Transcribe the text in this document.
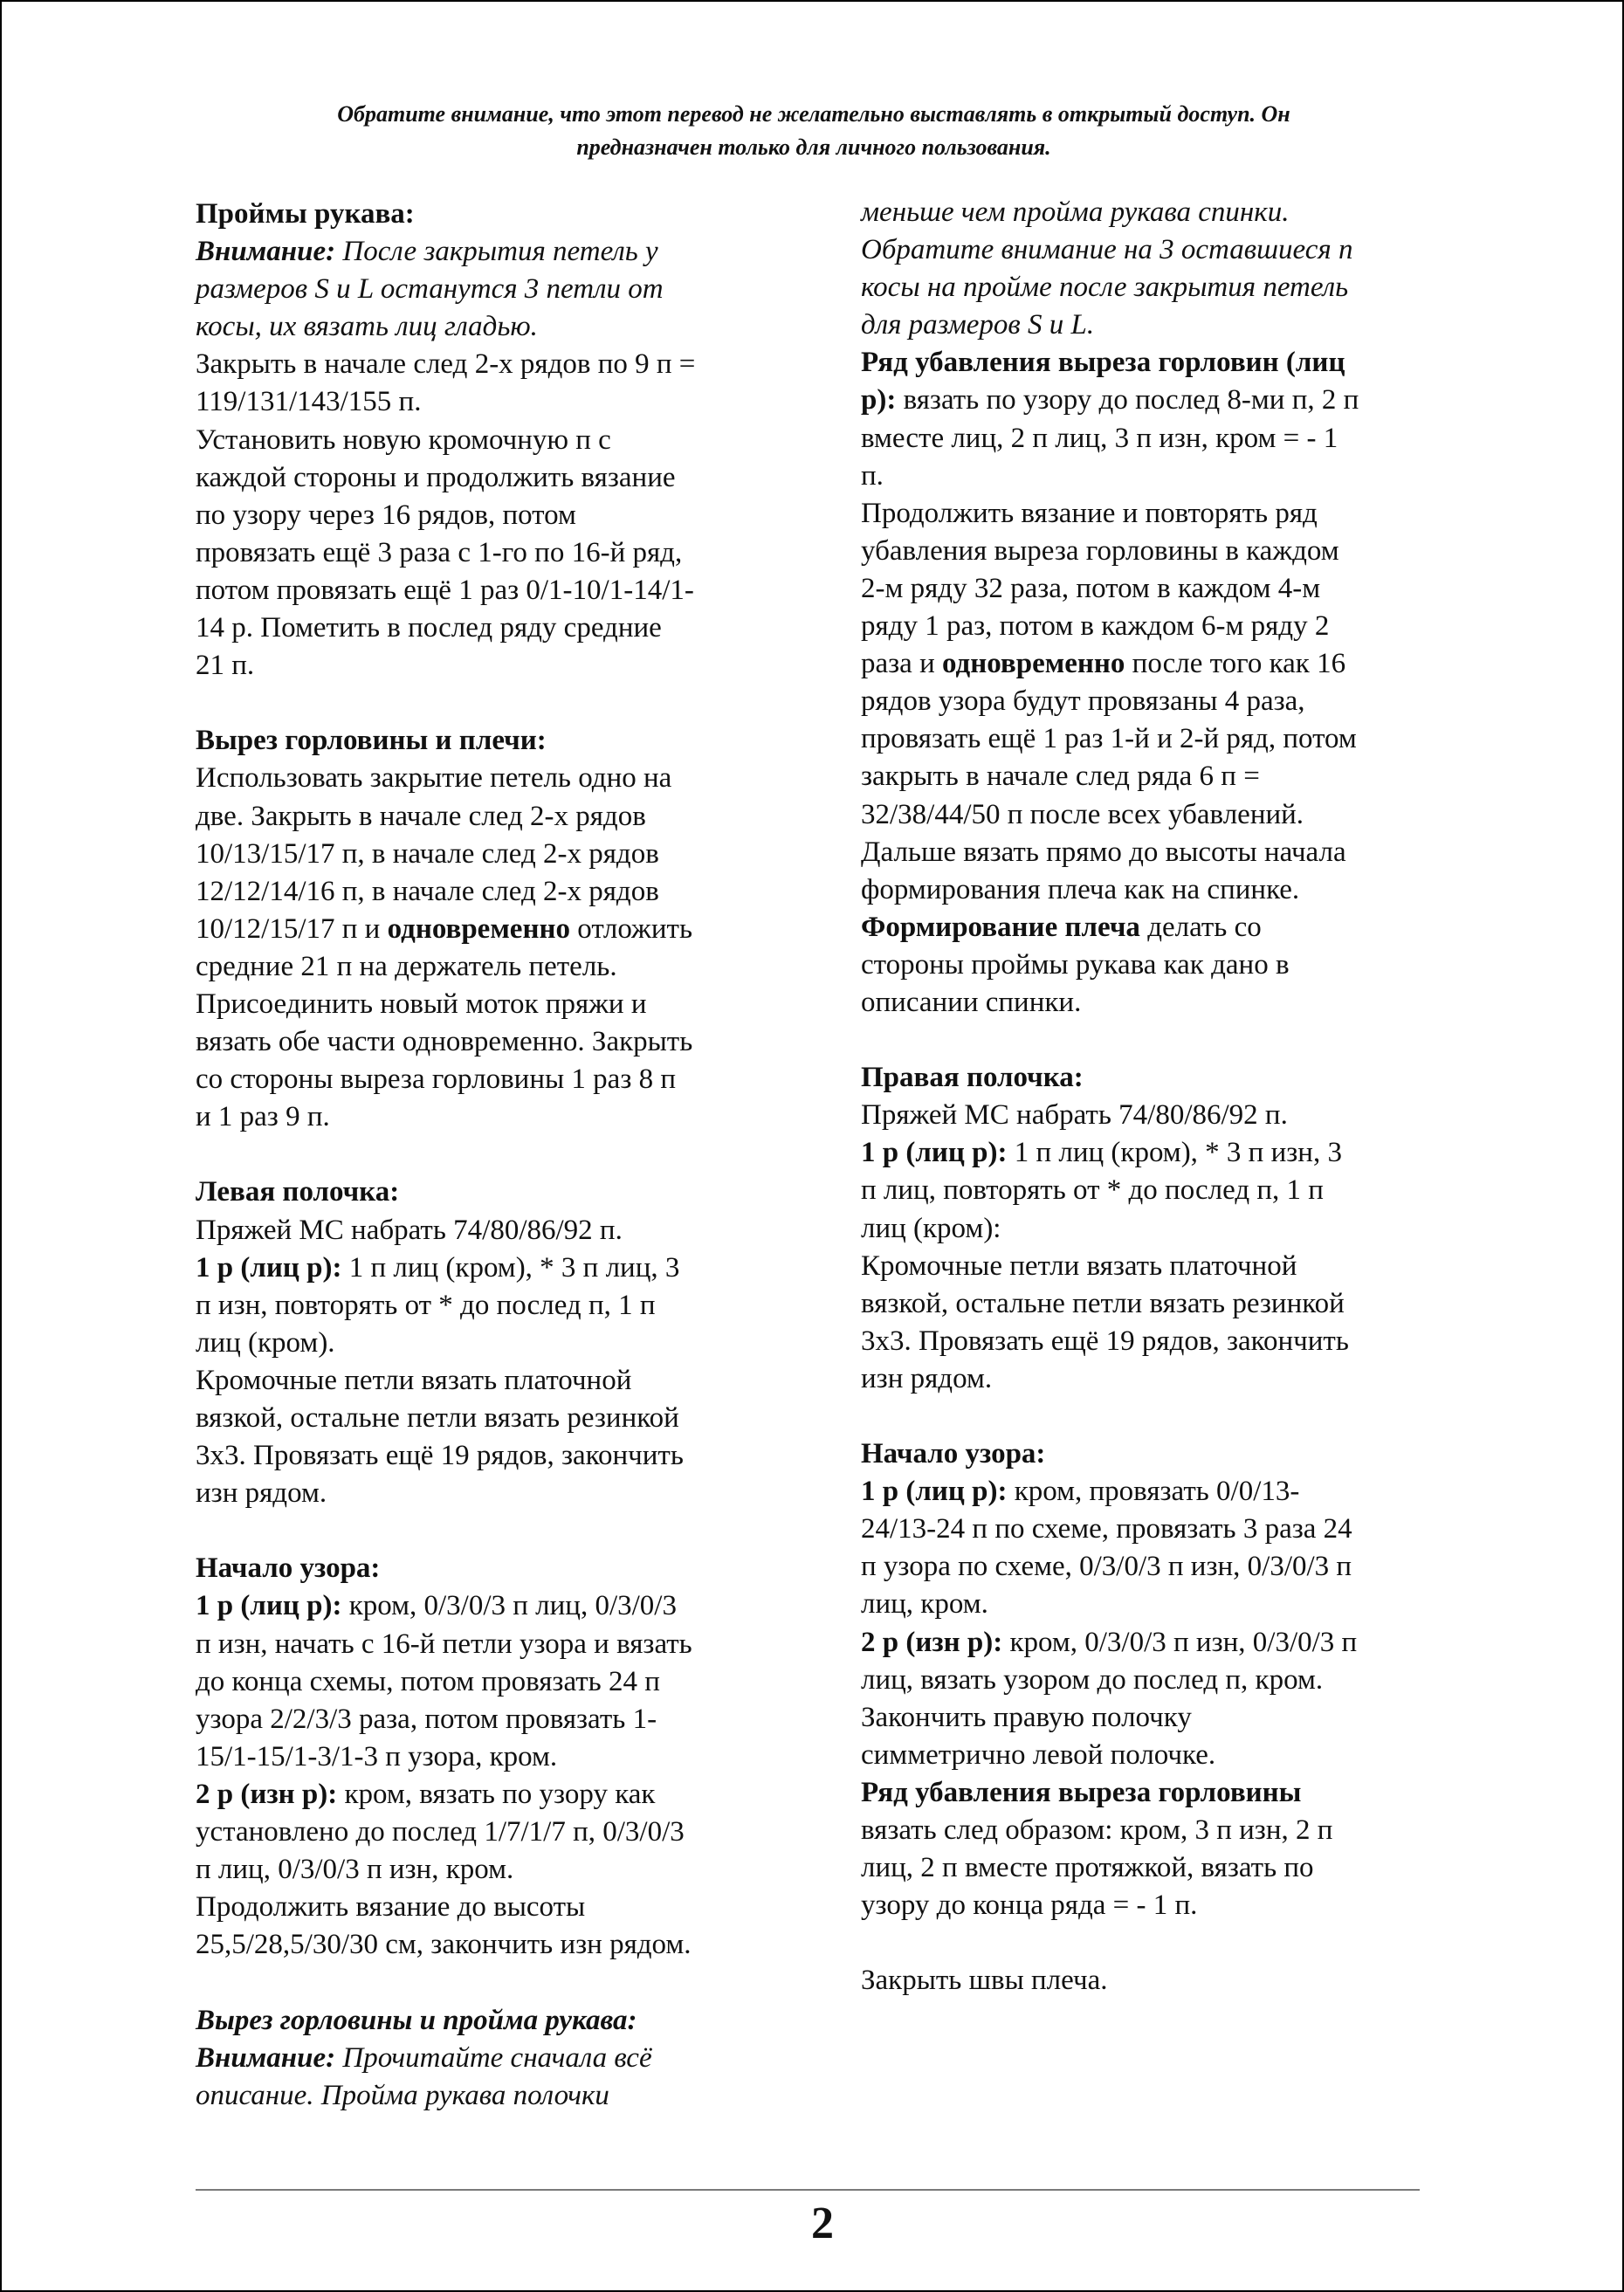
Обратите внимание, что этот перевод не желательно выставлять в открытый доступ. Он
предназначен только для личного пользования.
Проймы рукава:
Внимание: После закрытия петель у
размеров S и L останутся 3 петли от
косы, их вязать лиц гладью.
Закрыть в начале след 2-х рядов по 9 п =
119/131/143/155 п.
Установить новую кромочную п с
каждой стороны и продолжить вязание
по узору через 16 рядов, потом
провязать ещё 3 раза с 1-го по 16-й ряд,
потом провязать ещё 1 раз 0/1-10/1-14/1-
14 р. Пометить в послед ряду средние
21 п.
Вырез горловины и плечи:
Использовать закрытие петель одно на
две. Закрыть в начале след 2-х рядов
10/13/15/17 п, в начале след 2-х рядов
12/12/14/16 п, в начале след 2-х рядов
10/12/15/17 п и одновременно отложить
средние 21 п на держатель петель.
Присоединить новый моток пряжи и
вязать обе части одновременно. Закрыть
со стороны выреза горловины 1 раз 8 п
и 1 раз 9 п.
Левая полочка:
Пряжей МС набрать 74/80/86/92 п.
1 р (лиц р): 1 п лиц (кром), * 3 п лиц, 3
п изн, повторять от * до послед п, 1 п
лиц (кром).
Кромочные петли вязать платочной
вязкой, остальне петли вязать резинкой
3х3. Провязать ещё 19 рядов, закончить
изн рядом.
Начало узора:
1 р (лиц р): кром, 0/3/0/3 п лиц, 0/3/0/3
п изн, начать с 16-й петли узора и вязать
до конца схемы, потом провязать 24 п
узора 2/2/3/3 раза, потом провязать 1-
15/1-15/1-3/1-3 п узора, кром.
2 р (изн р): кром, вязать по узору как
установлено до послед 1/7/1/7 п, 0/3/0/3
п лиц, 0/3/0/3 п изн, кром.
Продолжить вязание до высоты
25,5/28,5/30/30 см, закончить изн рядом.
Вырез горловины и пройма рукава:
Внимание: Прочитайте сначала всё
описание. Пройма рукава полочки
меньше чем пройма рукава спинки.
Обратите внимание на 3 оставшиеся п
косы на пройме после закрытия петель
для размеров S и L.
Ряд убавления выреза горловин (лиц
р): вязать по узору до послед 8-ми п, 2 п
вместе лиц, 2 п лиц, 3 п изн, кром = - 1
п.
Продолжить вязание и повторять ряд
убавления выреза горловины в каждом
2-м ряду 32 раза, потом в каждом 4-м
ряду 1 раз, потом в каждом 6-м ряду 2
раза и одновременно после того как 16
рядов узора будут провязаны 4 раза,
провязать ещё 1 раз 1-й и 2-й ряд, потом
закрыть в начале след ряда 6 п =
32/38/44/50 п после всех убавлений.
Дальше вязать прямо до высоты начала
формирования плеча как на спинке.
Формирование плеча делать со
стороны проймы рукава как дано в
описании спинки.
Правая полочка:
Пряжей МС набрать 74/80/86/92 п.
1 р (лиц р): 1 п лиц (кром), * 3 п изн, 3
п лиц, повторять от * до послед п, 1 п
лиц (кром):
Кромочные петли вязать платочной
вязкой, остальне петли вязать резинкой
3х3. Провязать ещё 19 рядов, закончить
изн рядом.
Начало узора:
1 р (лиц р): кром, провязать 0/0/13-
24/13-24 п по схеме, провязать 3 раза 24
п узора по схеме, 0/3/0/3 п изн, 0/3/0/3 п
лиц, кром.
2 р (изн р): кром, 0/3/0/3 п изн, 0/3/0/3 п
лиц, вязать узором до послед п, кром.
Закончить правую полочку
симметрично левой полочке.
Ряд убавления выреза горловины
вязать след образом: кром, 3 п изн, 2 п
лиц, 2 п вместе протяжкой, вязать по
узору до конца ряда = - 1 п.
Закрыть швы плеча.
2
